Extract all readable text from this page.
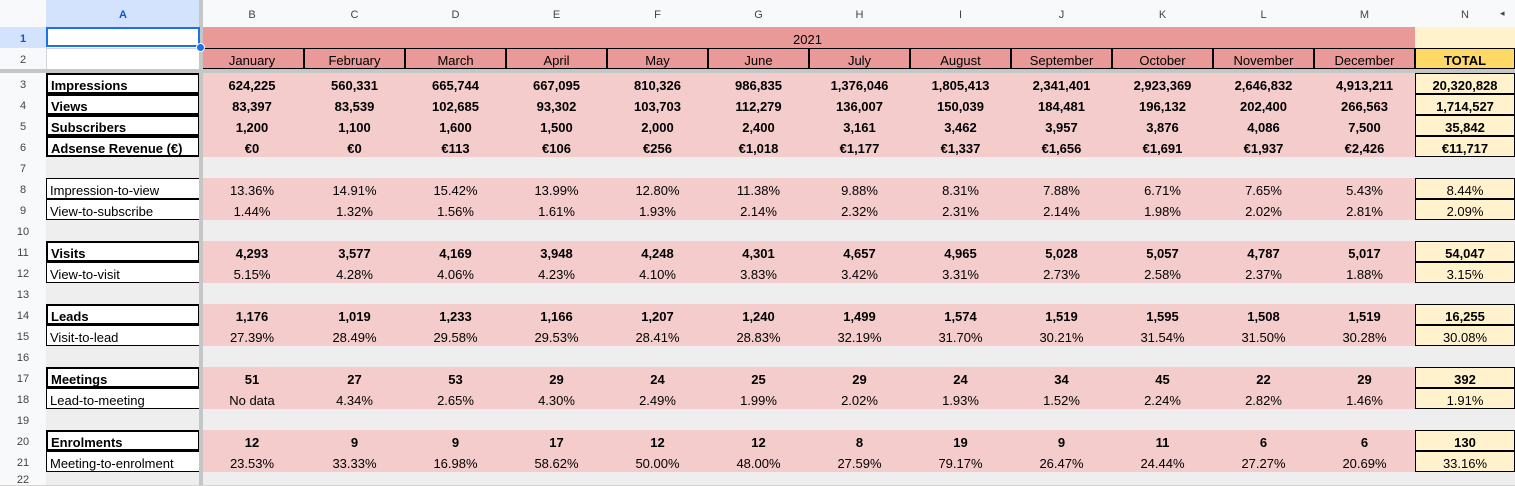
A	B	C	D	E	F	G	H	I	J	K	L	M	N	◂
1
2
3
4
5
6
7
8
9
10
11
12
13
14
15
16
17
18
19
20
21
22
2021
January	February	March	April	May	June	July	August	September	October	November	December	TOTAL
Impressions	624,225	560,331	665,744	667,095	810,326	986,835	1,376,046	1,805,413	2,341,401	2,923,369	2,646,832	4,913,211	20,320,828
Views	83,397	83,539	102,685	93,302	103,703	112,279	136,007	150,039	184,481	196,132	202,400	266,563	1,714,527
Subscribers	1,200	1,100	1,600	1,500	2,000	2,400	3,161	3,462	3,957	3,876	4,086	7,500	35,842
Adsense Revenue (€)	€0	€0	€113	€106	€256	€1,018	€1,177	€1,337	€1,656	€1,691	€1,937	€2,426	€11,717
Impression-to-view	13.36%	14.91%	15.42%	13.99%	12.80%	11.38%	9.88%	8.31%	7.88%	6.71%	7.65%	5.43%	8.44%
View-to-subscribe	1.44%	1.32%	1.56%	1.61%	1.93%	2.14%	2.32%	2.31%	2.14%	1.98%	2.02%	2.81%	2.09%
Visits	4,293	3,577	4,169	3,948	4,248	4,301	4,657	4,965	5,028	5,057	4,787	5,017	54,047
View-to-visit	5.15%	4.28%	4.06%	4.23%	4.10%	3.83%	3.42%	3.31%	2.73%	2.58%	2.37%	1.88%	3.15%
Leads	1,176	1,019	1,233	1,166	1,207	1,240	1,499	1,574	1,519	1,595	1,508	1,519	16,255
Visit-to-lead	27.39%	28.49%	29.58%	29.53%	28.41%	28.83%	32.19%	31.70%	30.21%	31.54%	31.50%	30.28%	30.08%
Meetings	51	27	53	29	24	25	29	24	34	45	22	29	392
Lead-to-meeting	No data	4.34%	2.65%	4.30%	2.49%	1.99%	2.02%	1.93%	1.52%	2.24%	2.82%	1.46%	1.91%
Enrolments	12	9	9	17	12	12	8	19	9	11	6	6	130
Meeting-to-enrolment	23.53%	33.33%	16.98%	58.62%	50.00%	48.00%	27.59%	79.17%	26.47%	24.44%	27.27%	20.69%	33.16%
